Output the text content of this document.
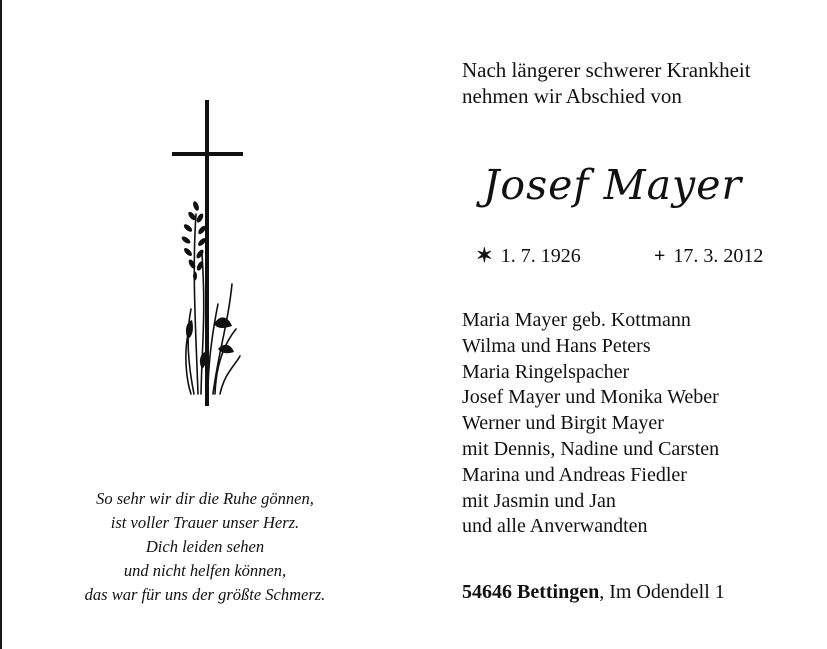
So sehr wir dir die Ruhe gönnen,
ist voller Trauer unser Herz.
Dich leiden sehen
und nicht helfen können,
das war für uns der größte Schmerz.
Nach längerer schwerer Krankheit
nehmen wir Abschied von
Josef Mayer
✶ 1. 7. 1926	+ 17. 3. 2012
Maria Mayer geb. Kottmann
Wilma und Hans Peters
Maria Ringelspacher
Josef Mayer und Monika Weber
Werner und Birgit Mayer
mit Dennis, Nadine und Carsten
Marina und Andreas Fiedler
mit Jasmin und Jan
und alle Anverwandten
54646 Bettingen, Im Odendell 1
